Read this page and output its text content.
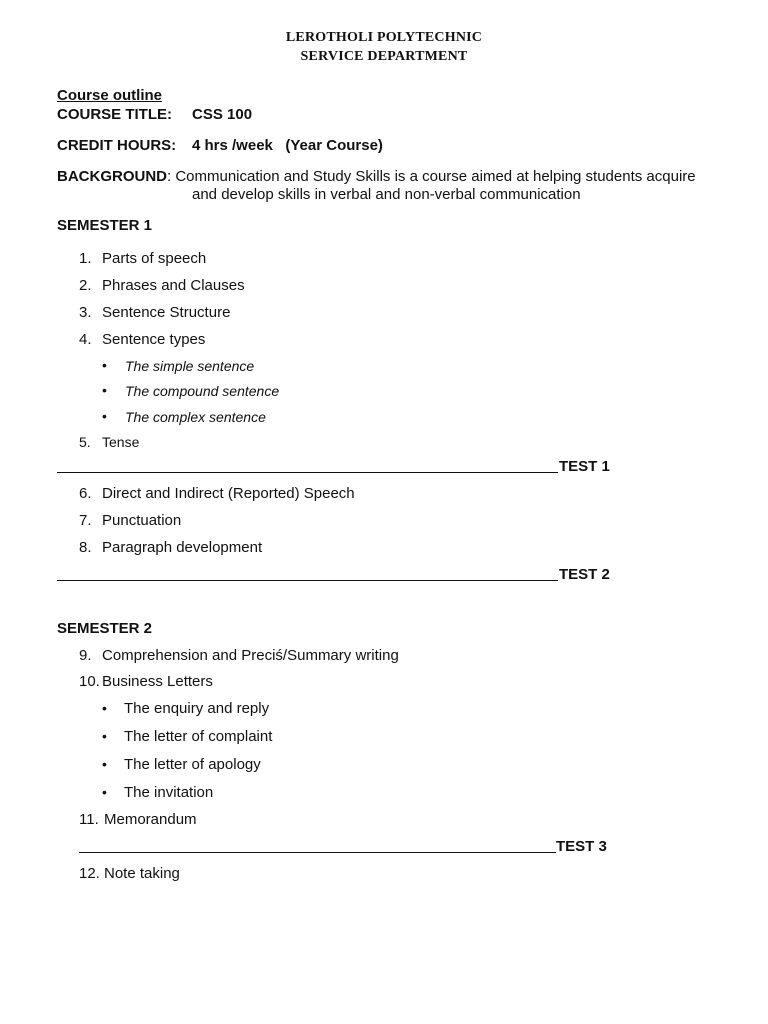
LEROTHOLI POLYTECHNIC
SERVICE DEPARTMENT
Course outline
COURSE TITLE: CSS 100
CREDIT HOURS: 4 hrs /week   (Year Course)
BACKGROUND: Communication and Study Skills is a course aimed at helping students acquire
and develop skills in verbal and non-verbal communication
SEMESTER 1
1. Parts of speech
2. Phrases and Clauses
3. Sentence Structure
4. Sentence types
• The simple sentence
• The compound sentence
• The complex sentence
5. Tense
TEST 1
6. Direct and Indirect (Reported) Speech
7. Punctuation
8. Paragraph development
TEST 2
SEMESTER 2
9. Comprehension and Preciś/Summary writing
10. Business Letters
• The enquiry and reply
• The letter of complaint
• The letter of apology
• The invitation
11. Memorandum
TEST 3
12. Note taking
